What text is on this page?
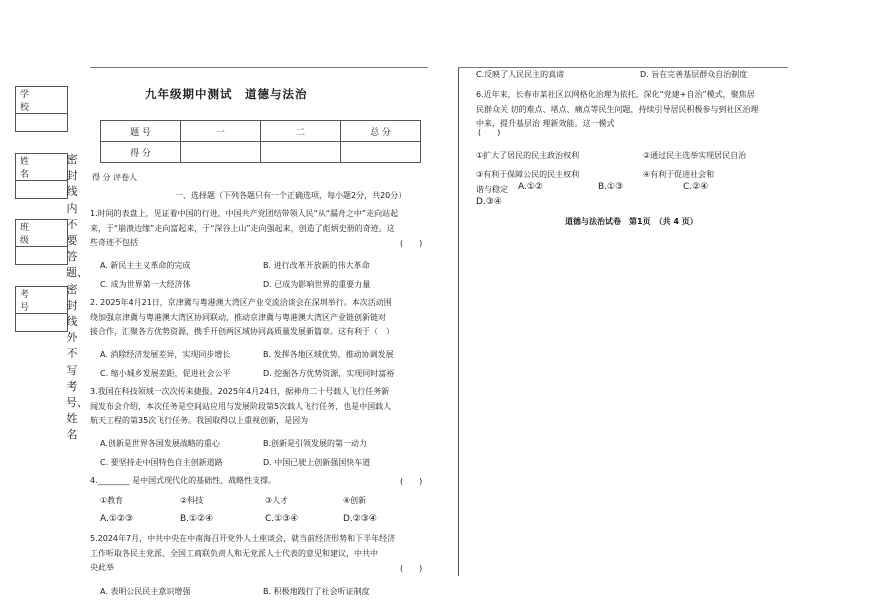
学　校

姓　名

班　级

考　号

密封线内不要答题、密封线外不写考号、姓名
九年级期中测试　道德与法治
题 号	一	二	总 分
得 分			
得 分 评卷人
一、选择题（下列各题只有一个正确选项，每小题2分，共20分）
1.时间的表盘上，见证着中国的行进，中国共产党团结带领人民“从“漏舟之中”走向站起
来，于“崩溃边缘”走向富起来，于“深谷上山”走向强起来，创造了彪炳史册的奇迹。这
些奇迹不包括	(　　)
A. 新民主主义革命的完成	B. 进行改革开放新的伟大革命
C. 成为世界第一大经济体	D. 已成为影响世界的重要力量
2. 2025年4月21日，京津冀与粤港澳大湾区产业交流洽谈会在深圳举行。本次活动围
绕加强京津冀与粤港澳大湾区协同联动，推动京津冀与粤港澳大湾区产业链创新链对
接合作，汇聚各方优势资源，携手开创两区域协同高质量发展新篇章。这有利于（　）
A. 消除经济发展差异，实现同步增长	B. 发挥各地区域优势，推动协调发展
C. 缩小城乡发展差距，促进社会公平	D. 挖掘各方优势资源，实现同时富裕
3.我国在科技领域一次次传来捷报。2025年4月24日，据神舟二十号载人飞行任务新
闻发布会介绍，本次任务是空间站应用与发展阶段第5次载人飞行任务，也是中国载人
航天工程的第35次飞行任务。我国取得以上重视创新，是因为
A.创新是世界各国发展战略的重心	B.创新是引领发展的第一动力
C. 要坚持走中国特色自主创新道路	D. 中国已驶上创新强国快车道
4.________ 是中国式现代化的基础性、战略性支撑。	(　　)
①教育	②科技	③人才	④创新
A.①②③	B.①②④	C.①③④	D.②③④
5.2024年7月，中共中央在中南海召开党外人士座谈会，就当前经济形势和下半年经济
工作听取各民主党派、全国工商联负责人和无党派人士代表的意见和建议，中共中
央此举	(　　)
A. 表明公民民主意识增强	B. 积极地践行了社会听证制度
C.反映了人民民主的真谛	D. 旨在完善基层群众自治制度
6.近年来，长春市某社区以网格化治理为依托，深化“党建+自治”模式，聚焦居
民群众关 切的难点、堵点、痛点等民生问题，持续引导居民积极参与到社区治理
中来，提升基层治 理新效能。这一模式
(　　)
①扩大了居民的民主政治权利	②通过民主选举实现居民自治
③有利于保障公民的民主权利	④有利于促进社会和
谐与稳定 A.①②	B.①③	C.②④
D.③④
道德与法治试卷　第1页　（共 4 页）
